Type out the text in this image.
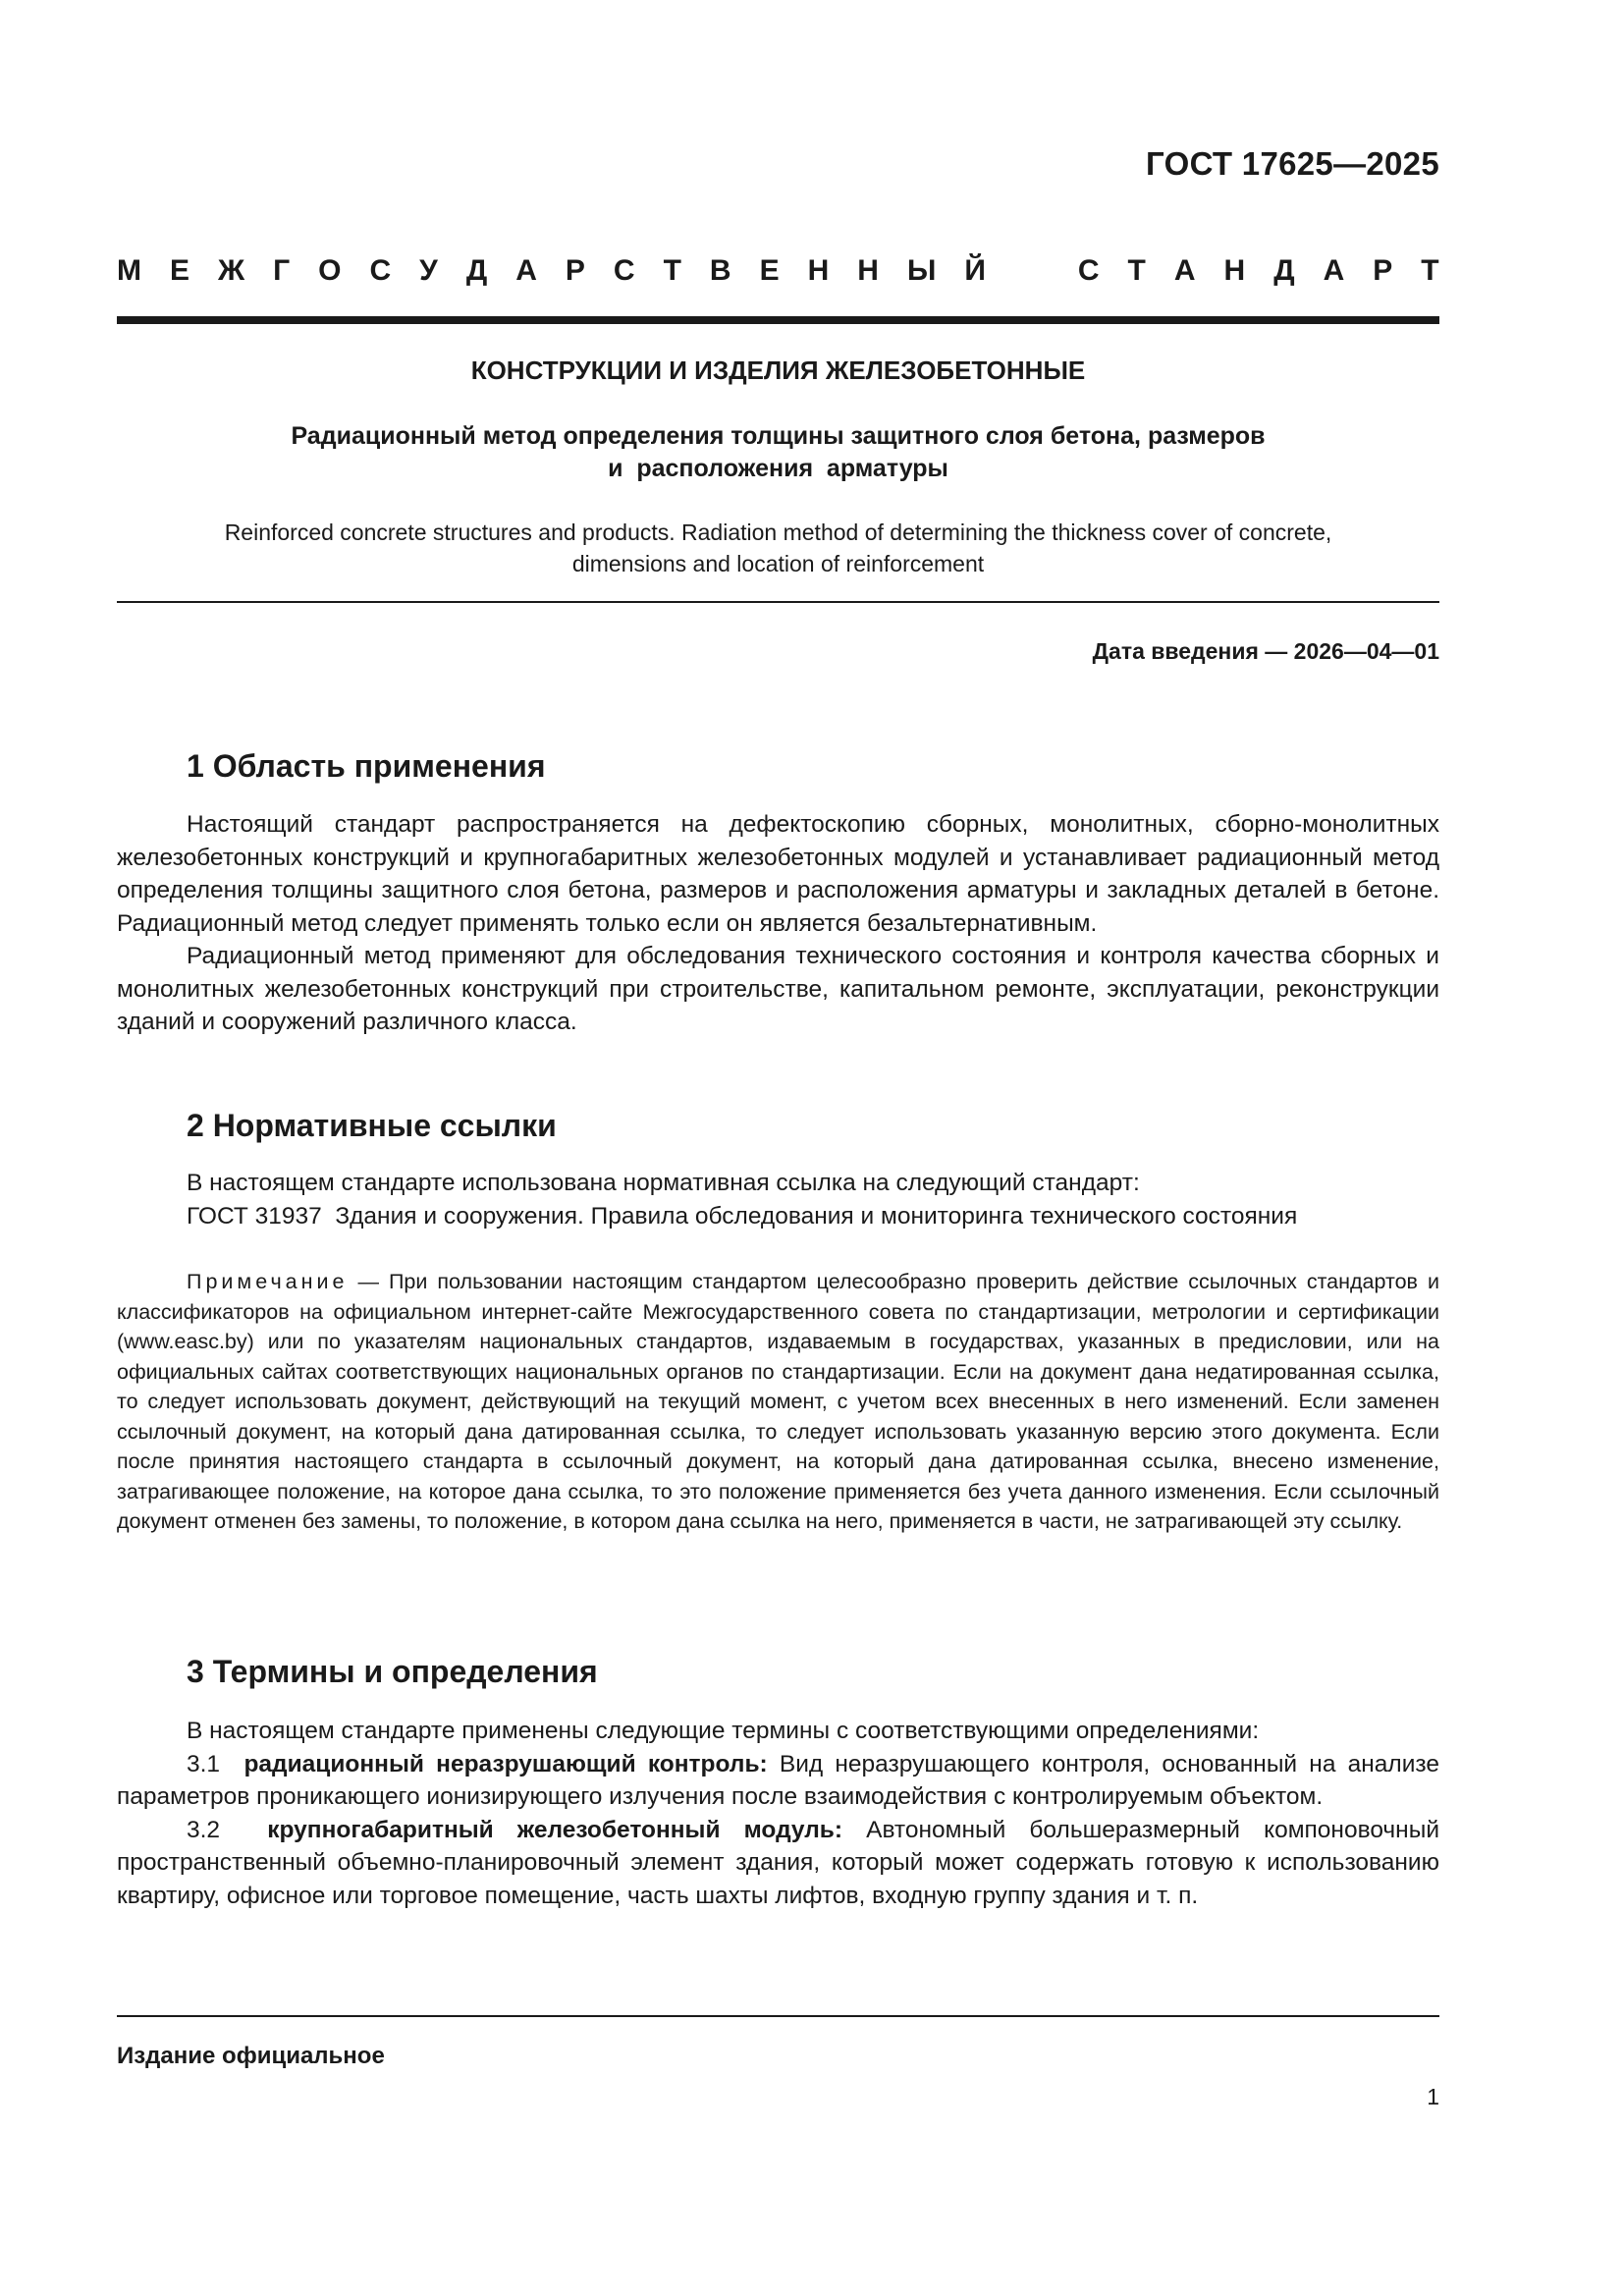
ГОСТ 17625—2025
М Е Ж Г О С У Д А Р С Т В Е Н Н Ы Й	С Т А Н Д А Р Т
КОНСТРУКЦИИ И ИЗДЕЛИЯ ЖЕЛЕЗОБЕТОННЫЕ
Радиационный метод определения толщины защитного слоя бетона, размеров
и  расположения  арматуры
Reinforced concrete structures and products. Radiation method of determining the thickness cover of concrete,
dimensions and location of reinforcement
Дата введения — 2026—04—01
1 Область применения

Настоящий стандарт распространяется на дефектоскопию сборных, монолитных, сборно-монолитных железобетонных конструкций и крупногабаритных железобетонных модулей и устанавливает радиационный метод определения толщины защитного слоя бетона, размеров и расположения арматуры и закладных деталей в бетоне. Радиационный метод следует применять только если он является безальтернативным.

Радиационный метод применяют для обследования технического состояния и контроля качества сборных и монолитных железобетонных конструкций при строительстве, капитальном ремонте, эксплуатации, реконструкции зданий и сооружений различного класса.

2 Нормативные ссылки

В настоящем стандарте использована нормативная ссылка на следующий стандарт:

ГОСТ 31937  Здания и сооружения. Правила обследования и мониторинга технического состояния

Примечание — При пользовании настоящим стандартом целесообразно проверить действие ссылочных стандартов и классификаторов на официальном интернет-сайте Межгосударственного совета по стандартизации, метрологии и сертификации (www.easc.by) или по указателям национальных стандартов, издаваемым в государствах, указанных в предисловии, или на официальных сайтах соответствующих национальных органов по стандартизации. Если на документ дана недатированная ссылка, то следует использовать документ, действующий на текущий момент, с учетом всех внесенных в него изменений. Если заменен ссылочный документ, на который дана датированная ссылка, то следует использовать указанную версию этого документа. Если после принятия настоящего стандарта в ссылочный документ, на который дана датированная ссылка, внесено изменение, затрагивающее положение, на которое дана ссылка, то это положение применяется без учета данного изменения. Если ссылочный документ отменен без замены, то положение, в котором дана ссылка на него, применяется в части, не затрагивающей эту ссылку.

3 Термины и определения

В настоящем стандарте применены следующие термины с соответствующими определениями:

3.1  радиационный неразрушающий контроль: Вид неразрушающего контроля, основанный на анализе параметров проникающего ионизирующего излучения после взаимодействия с контролируемым объектом.

3.2  крупногабаритный железобетонный модуль: Автономный большеразмерный компоновочный пространственный объемно-планировочный элемент здания, который может содержать готовую к использованию квартиру, офисное или торговое помещение, часть шахты лифтов, входную группу здания и т. п.

Издание официальное
1
